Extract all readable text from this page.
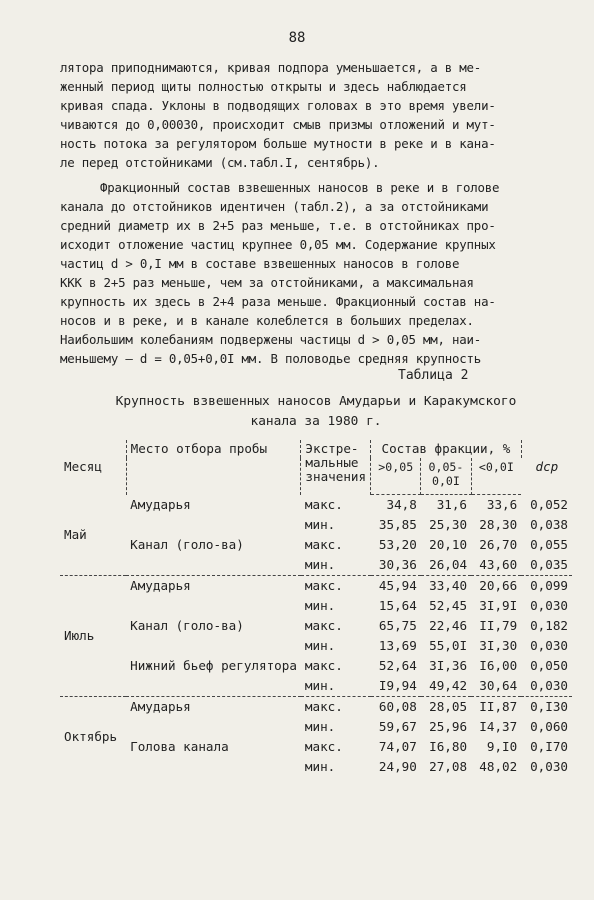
88
лятора приподнимаются, кривая подпора уменьшается, а в ме-
женный период щиты полностью открыты и здесь наблюдается
кривая спада. Уклоны в подводящих головах в это время увели-
чиваются до 0,00030, происходит смыв призмы отложений и мут-
ность потока за регулятором больше мутности в реке и в кана-
ле перед отстойниками (см.табл.I, сентябрь).
Фракционный состав взвешенных наносов в реке и в голове
канала до отстойников идентичен (табл.2), а за отстойниками
средний диаметр их в 2+5 раз меньше, т.е. в отстойниках про-
исходит отложение частиц крупнее 0,05 мм. Содержание крупных
частиц d > 0,I мм в составе взвешенных наносов в голове
ККК в 2+5 раз меньше, чем за отстойниками, а максимальная
крупность их здесь в 2+4 раза меньше. Фракционный состав на-
носов и в реке, и в канале колеблется в больших пределах.
Наибольшим колебаниям подвержены частицы d > 0,05 мм, наи-
меньшему – d = 0,05+0,0I мм. В половодье средняя крупность
Таблица 2
Крупность взвешенных наносов Амударьи и Каракумского
канала за 1980 г.
Месяц	Место отбора пробы	Экстре-мальные значения	Состав фракции, %			dср
			>0,05	0,05-0,0I	<0,0I	
Май	Амударья	макс.	34,8	31,6	33,6	0,052
		мин.	35,85	25,30	28,30	0,038
	Канал (голо-ва)	макс.	53,20	20,10	26,70	0,055
		мин.	30,36	26,04	43,60	0,035
Июль	Амударья	макс.	45,94	33,40	20,66	0,099
		мин.	15,64	52,45	3I,9I	0,030
	Канал (голо-ва)	макс.	65,75	22,46	II,79	0,182
		мин.	13,69	55,0I	3I,30	0,030
	Нижний бьеф регулятора	макс.	52,64	3I,36	I6,00	0,050
		мин.	I9,94	49,42	30,64	0,030
Октябрь	Амударья	макс.	60,08	28,05	II,87	0,I30
		мин.	59,67	25,96	I4,37	0,060
	Голова канала	макс.	74,07	I6,80	9,I0	0,I70
		мин.	24,90	27,08	48,02	0,030
